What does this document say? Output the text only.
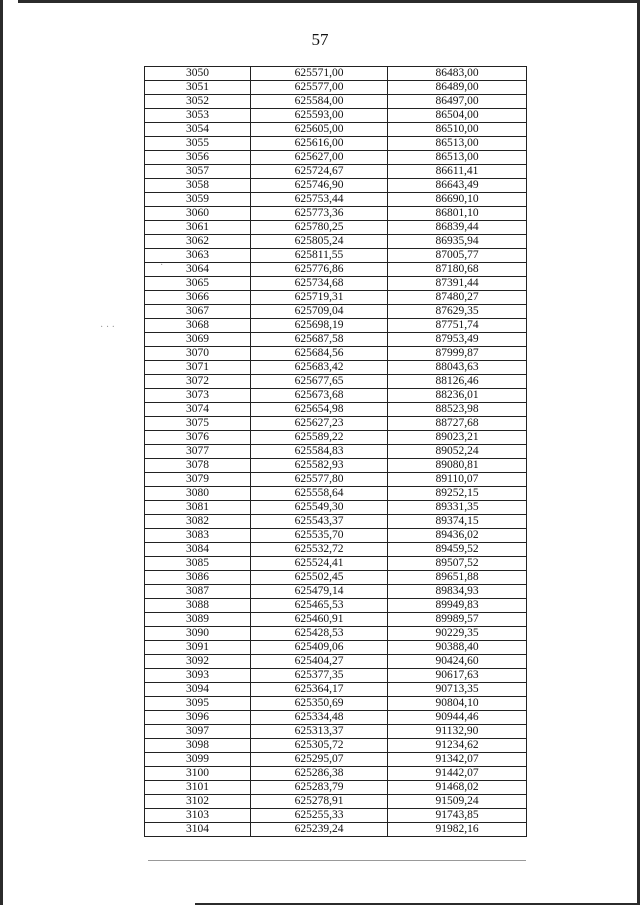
57
3050	625571,00	86483,00
3051	625577,00	86489,00
3052	625584,00	86497,00
3053	625593,00	86504,00
3054	625605,00	86510,00
3055	625616,00	86513,00
3056	625627,00	86513,00
3057	625724,67	86611,41
3058	625746,90	86643,49
3059	625753,44	86690,10
3060	625773,36	86801,10
3061	625780,25	86839,44
3062	625805,24	86935,94
3063	625811,55	87005,77
3064	625776,86	87180,68
3065	625734,68	87391,44
3066	625719,31	87480,27
3067	625709,04	87629,35
3068	625698,19	87751,74
3069	625687,58	87953,49
3070	625684,56	87999,87
3071	625683,42	88043,63
3072	625677,65	88126,46
3073	625673,68	88236,01
3074	625654,98	88523,98
3075	625627,23	88727,68
3076	625589,22	89023,21
3077	625584,83	89052,24
3078	625582,93	89080,81
3079	625577,80	89110,07
3080	625558,64	89252,15
3081	625549,30	89331,35
3082	625543,37	89374,15
3083	625535,70	89436,02
3084	625532,72	89459,52
3085	625524,41	89507,52
3086	625502,45	89651,88
3087	625479,14	89834,93
3088	625465,53	89949,83
3089	625460,91	89989,57
3090	625428,53	90229,35
3091	625409,06	90388,40
3092	625404,27	90424,60
3093	625377,35	90617,63
3094	625364,17	90713,35
3095	625350,69	90804,10
3096	625334,48	90944,46
3097	625313,37	91132,90
3098	625305,72	91234,62
3099	625295,07	91342,07
3100	625286,38	91442,07
3101	625283,79	91468,02
3102	625278,91	91509,24
3103	625255,33	91743,85
3104	625239,24	91982,16
·
· · ·
